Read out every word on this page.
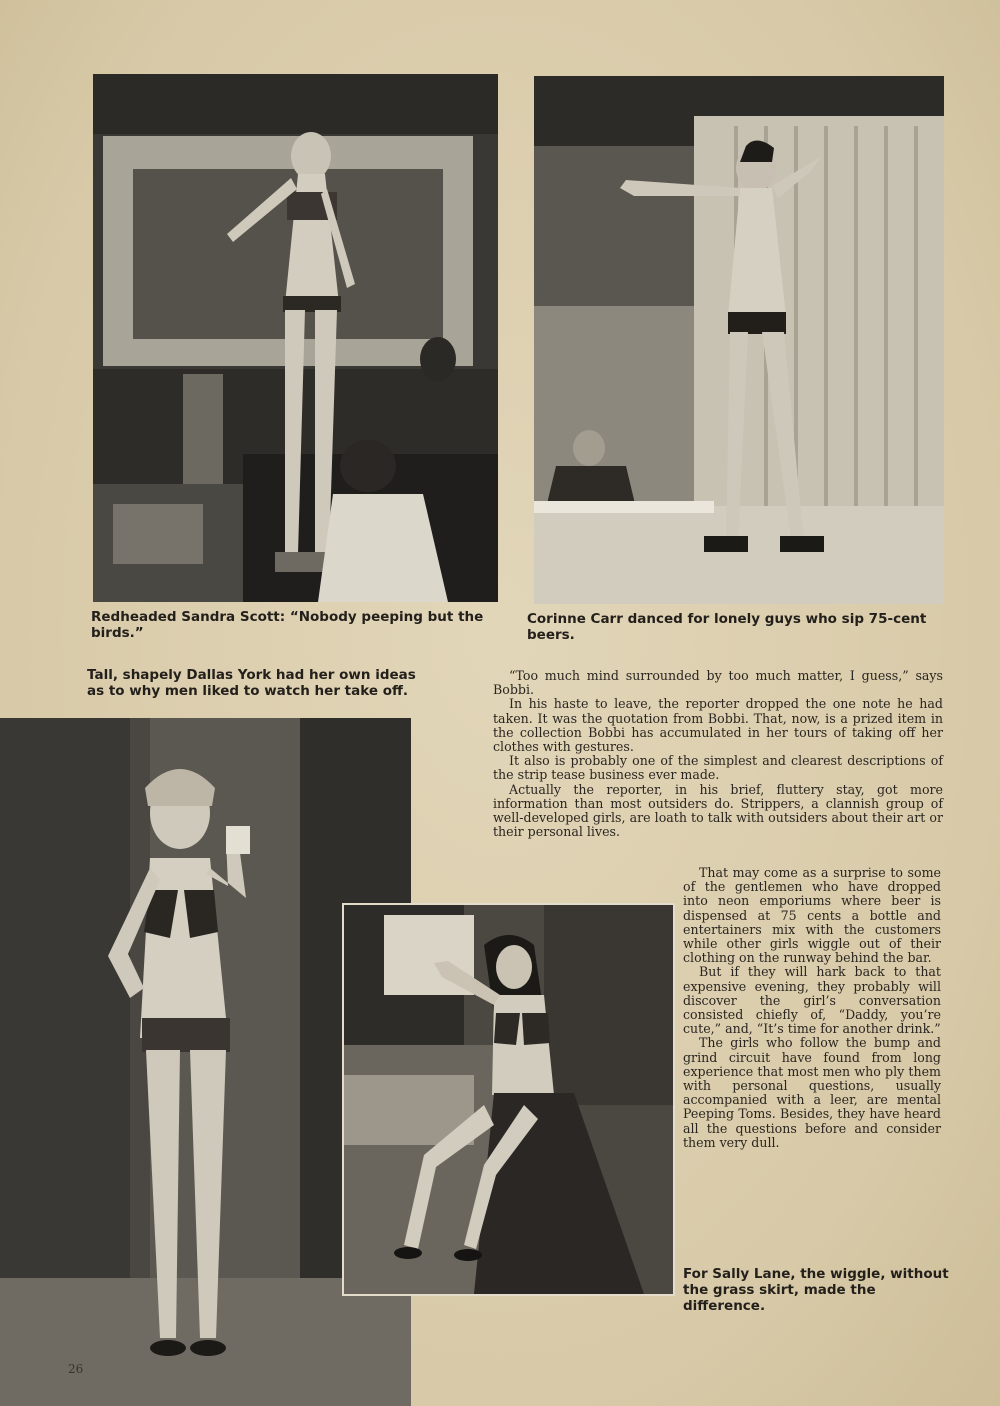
Redheaded Sandra Scott: “Nobody peeping but the birds.”

Corinne Carr danced for lonely guys who sip 75-cent beers.

Tall, shapely Dallas York had her own ideas
as to why men liked to watch her take off.

“Too much mind surrounded by too much matter, I guess,” says Bobbi.

In his haste to leave, the reporter dropped the one note he had taken. It was the quotation from Bobbi. That, now, is a prized item in the collection Bobbi has accumulated in her tours of taking off her clothes with gestures.

It also is probably one of the simplest and clearest descriptions of the strip tease business ever made.

Actually the reporter, in his brief, fluttery stay, got more information than most outsiders do. Strippers, a clannish group of well-developed girls, are loath to talk with outsiders about their art or their personal lives.

That may come as a surprise to some of the gentlemen who have dropped into neon emporiums where beer is dispensed at 75 cents a bottle and entertainers mix with the customers while other girls wiggle out of their clothing on the runway behind the bar.

But if they will hark back to that expensive evening, they probably will discover the girl’s conversation consisted chiefly of, “Daddy, you’re cute,” and, “It’s time for another drink.”

The girls who follow the bump and grind circuit have found from long experience that most men who ply them with personal questions, usually accompanied with a leer, are mental Peeping Toms. Besides, they have heard all the questions before and consider them very dull.

For Sally Lane, the wiggle, without
the grass skirt, made the difference.
26
